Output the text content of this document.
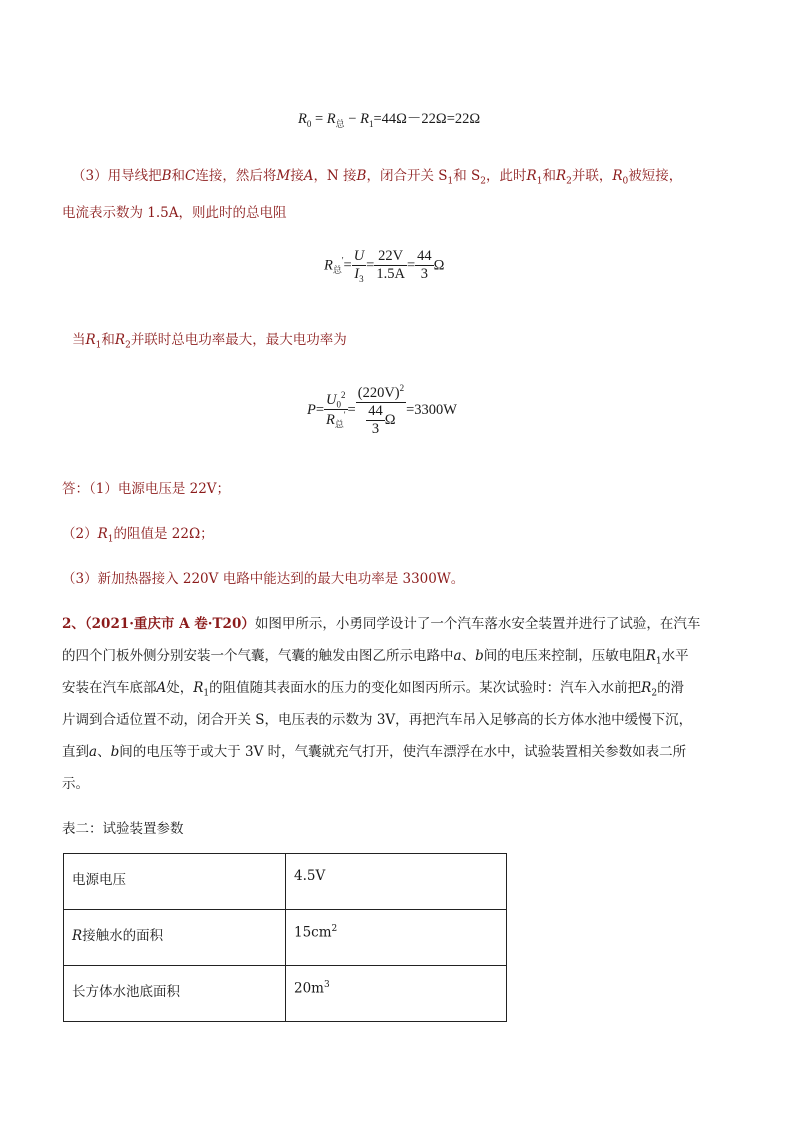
$R_0 = R_总 - R_1=44\Omega-22\Omega=22\Omega$
（3）用导线把B和C连接，然后将M接A，N 接B，闭合开关 $S_1$和 $S_2$，此时$R_1$和$R_2$并联，$R_0$被短接，
电流表示数为 1.5A，则此时的总电阻
$R_总'= \frac{U}{I_3} = \frac{22V}{1.5A} = \frac{44}{3}$ Ω
当$R_1$和$R_2$并联时总电功率最大，最大电功率为
$P= \frac{U_0^2}{R_总'} = \frac{(220V)^2}{\frac{44}{3} \Omega} =3300W$
答：（1）电源电压是 22V；
$(2)R_1$的阻值是 22Ω；
（3）新加热器接入 220V 电路中能达到的最大电功率是 3300W。
2、（2021·重庆市 A 卷·T20）如图甲所示，小勇同学设计了一个汽车落水安全装置并进行了试验，在汽车
的四个门板外侧分别安装一个气囊，气囊的触发由图乙所示电路中a、b间的电压来控制，压敏电阻$R_1$水平
安装在汽车底部A处，$R_1$的阻值随其表面水的压力的变化如图丙所示。某次试验时：汽车入水前把$R_2$的滑
片调到合适位置不动，闭合开关 S，电压表的示数为 3V，再把汽车吊入足够高的长方体水池中缓慢下沉，
直到a、b间的电压等于或大于 3V 时，气囊就充气打开，使汽车漂浮在水中，试验装置相关参数如表二所
示。
表二：试验装置参数
电源电压	4.5V
R接触水的面积	$15cm^2$
长方体水池底面积	$20m^3$
